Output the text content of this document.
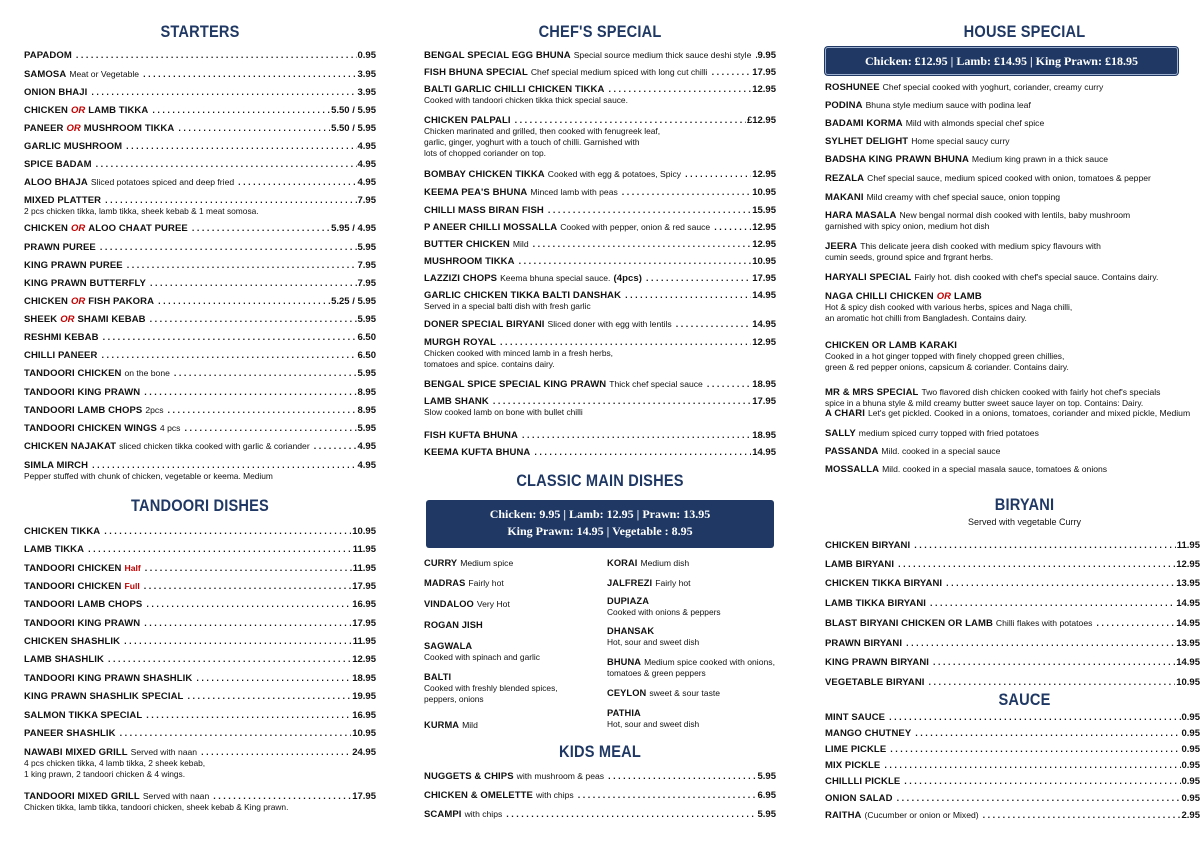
STARTERS
PAPADOM . . .	0.95
SAMOSA Meat or Vegetable . . .	3.95
ONION BHAJI . . .	3.95
CHICKEN OR LAMB TIKKA . . .	5.50 / 5.95
PANEER OR MUSHROOM TIKKA . . .	5.50 / 5.95
GARLIC MUSHROOM . . .	4.95
SPICE BADAM . . .	4.95
ALOO BHAJA Sliced potatoes spiced and deep fried . . .	4.95
MIXED PLATTER . . .	7.95
2 pcs chicken tikka, lamb tikka, sheek kebab & 1 meat somosa.
CHICKEN OR ALOO CHAAT PUREE . . .	5.95 / 4.95
PRAWN PUREE . . .	5.95
KING PRAWN PUREE . . .	7.95
KING PRAWN BUTTERFLY . . .	7.95
CHICKEN OR FISH PAKORA . . .	5.25 / 5.95
SHEEK OR SHAMI KEBAB . . .	5.95
RESHMI KEBAB . . .	6.50
CHILLI PANEER . . .	6.50
TANDOORI CHICKEN on the bone . . .	5.95
TANDOORI KING PRAWN . . .	8.95
TANDOORI LAMB CHOPS 2pcs . . .	8.95
TANDOORI CHICKEN WINGS 4 pcs . . .	5.95
CHICKEN NAJAKAT sliced chicken tikka cooked with garlic & coriander . . .	4.95
SIMLA MIRCH . . .	4.95
Pepper stuffed with chunk of chicken, vegetable or keema. Medium
TANDOORI DISHES
CHICKEN TIKKA . . .	10.95
LAMB TIKKA . . .	11.95
TANDOORI CHICKEN Half . . .	11.95
TANDOORI CHICKEN Full . . .	17.95
TANDOORI LAMB CHOPS . . .	16.95
TANDOORI KING PRAWN . . .	17.95
CHICKEN SHASHLIK . . .	11.95
LAMB SHASHLIK . . .	12.95
TANDOORI KING PRAWN SHASHLIK . . .	18.95
KING PRAWN SHASHLIK SPECIAL . . .	19.95
SALMON TIKKA SPECIAL . . .	16.95
PANEER SHASHLIK . . .	10.95
NAWABI MIXED GRILL Served with naan . . .	24.95
4 pcs chicken tikka, 4 lamb tikka, 2 sheek kebab,
1 king prawn, 2 tandoori chicken & 4 wings.
TANDOORI MIXED GRILL Served with naan . . .	17.95
Chicken tikka, lamb tikka, tandoori chicken, sheek kebab & King prawn.
CHEF'S SPECIAL
BENGAL SPECIAL EGG BHUNA Special source medium thick sauce deshi style . . . 9.95
FISH BHUNA SPECIAL Chef special medium spiced with long cut chilli . . .	17.95
BALTI GARLIC CHILLI CHICKEN TIKKA . . .	12.95
Cooked with tandoori chicken tikka thick special sauce.
CHICKEN PALPALI . . .	£12.95
Chicken marinated and grilled, then cooked with fenugreek leaf,
garlic, ginger, yoghurt with a touch of chilli. Garnished with
lots of chopped coriander on top.
BOMBAY CHICKEN TIKKA Cooked with egg & potatoes, Spicy . . .	12.95
KEEMA PEA'S BHUNA Minced lamb with peas . . .	10.95
CHILLI MASS BIRAN FISH . . .	15.95
P ANEER CHILLI MOSSALLA Cooked with pepper, onion & red sauce . . .	12.95
BUTTER CHICKEN Mild . . .	12.95
MUSHROOM TIKKA . . .	10.95
LAZZIZI CHOPS Keema bhuna special sauce. (4pcs) . . .	17.95
GARLIC CHICKEN TIKKA BALTI DANSHAK . . .	14.95
Served in a special balti dish with fresh garlic
DONER SPECIAL BIRYANI Sliced doner with egg with lentils . . .	14.95
MURGH ROYAL . . .	12.95
Chicken cooked with minced lamb in a fresh herbs,
tomatoes and spice. contains dairy.
BENGAL SPICE SPECIAL KING PRAWN Thick chef special sauce . . .	18.95
LAMB SHANK . . .	17.95
Slow cooked lamb on bone with bullet chilli
FISH KUFTA BHUNA . . .	18.95
KEEMA KUFTA BHUNA . . .	14.95
CLASSIC MAIN DISHES
Chicken: 9.95 | Lamb: 12.95 | Prawn: 13.95
King Prawn: 14.95 | Vegetable : 8.95
CURRY Medium spice
MADRAS Fairly hot
VINDALOO Very Hot
ROGAN JISH
SAGWALA
Cooked with spinach and garlic
BALTI
Cooked with freshly blended spices,
peppers, onions
KURMA Mild
KORAI Medium dish
JALFREZI Fairly hot
DUPIAZA
Cooked with onions & peppers
DHANSAK
Hot, sour and sweet dish
BHUNA Medium spice cooked with onions,
tomatoes & green peppers
CEYLON sweet & sour taste
PATHIA
Hot, sour and sweet dish
KIDS MEAL
NUGGETS & CHIPS with mushroom & peas . . .	5.95
CHICKEN & OMELETTE with chips . . .	6.95
SCAMPI with chips . . .	5.95
HOUSE SPECIAL
Chicken: £12.95 | Lamb: £14.95 | King Prawn: £18.95
ROSHUNEE Chef special cooked with yoghurt, coriander, creamy curry
PODINA Bhuna style medium sauce with podina leaf
BADAMI KORMA Mild with almonds special chef spice
SYLHET DELIGHT Home special saucy curry
BADSHA KING PRAWN BHUNA Medium king prawn in a thick sauce
REZALA Chef special sauce, medium spiced cooked with onion, tomatoes & pepper
MAKANI Mild creamy with chef special sauce, onion topping
HARA MASALA New bengal normal dish cooked with lentils, baby mushroom
garnished with spicy onion, medium hot dish
JEERA This delicate jeera dish cooked with medium spicy flavours with
cumin seeds, ground spice and frgrant herbs.
HARYALI SPECIAL Fairly hot. dish cooked with chef's special sauce. Contains dairy.
NAGA CHILLI CHICKEN OR LAMB
Hot & spicy dish cooked with various herbs, spices and Naga chilli,
an aromatic hot chilli from Bangladesh. Contains dairy.
CHICKEN OR LAMB KARAKI
Cooked in a hot ginger topped with finely chopped green chillies,
green & red pepper onions, capsicum & coriander. Contains dairy.
MR & MRS SPECIAL Two flavored dish chicken cooked with fairly hot chef's specials
spice in a bhuna style & mild creamy butter sweet sauce layer on top. Contains: Dairy.
A CHARI Let's get pickled. Cooked in a onions, tomatoes, coriander and mixed pickle, Medium
SALLY medium spiced curry topped with fried potatoes
PASSANDA Mild. cooked in a special sauce
MOSSALLA Mild. cooked in a special masala sauce, tomatoes & onions
BIRYANI
Served with vegetable Curry
CHICKEN BIRYANI . . .	11.95
LAMB BIRYANI . . .	12.95
CHICKEN TIKKA BIRYANI . . .	13.95
LAMB TIKKA BIRYANI . . .	14.95
BLAST BIRYANI CHICKEN OR LAMB Chilli flakes with potatoes . . .	14.95
PRAWN BIRYANI . . .	13.95
KING PRAWN BIRYANI . . .	14.95
VEGETABLE BIRYANI . . .	10.95
SAUCE
MINT SAUCE . . .	0.95
MANGO CHUTNEY . . .	0.95
LIME PICKLE . . .	0.95
MIX PICKLE . . .	0.95
CHILLLI PICKLE . . .	0.95
ONION SALAD . . .	0.95
RAITHA (Cucumber or onion or Mixed) . . .	2.95
